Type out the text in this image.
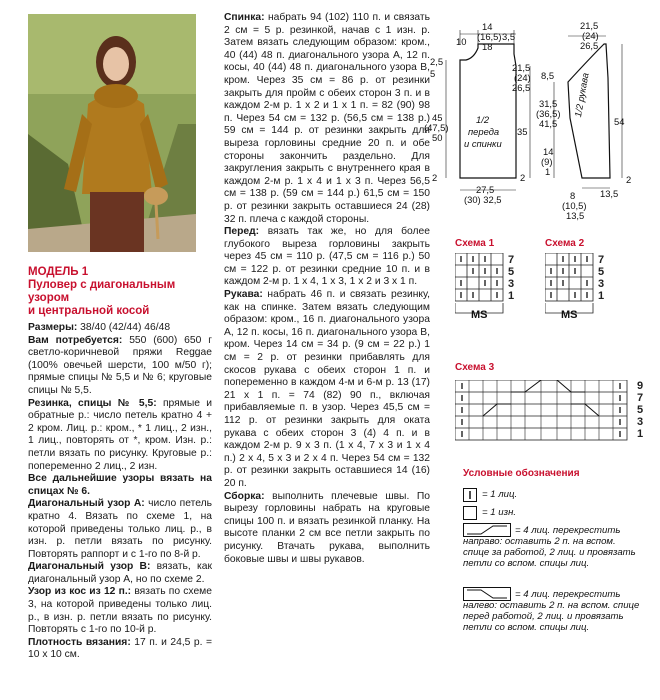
МОДЕЛЬ 1
Пуловер с диагональным узором
и центральной косой

Размеры: 38/40 (42/44) 46/48

Вам потребуется: 550 (600) 650 г светло-коричневой пряжи Reggae (100% овечьей шерсти, 100 м/50 г); прямые спицы № 5,5 и № 6; круговые спицы № 5,5.

Резинка, спицы № 5,5: прямые и обратные р.: число петель кратно 4 + 2 кром. Лиц. р.: кром., * 1 лиц., 2 изн., 1 лиц., повторять от *, кром. Изн. р.: петли вязать по рисунку. Круговые р.: попеременно 2 лиц., 2 изн.

Все дальнейшие узоры вязать на спицах № 6.

Диагональный узор A: число петель кратно 4. Вязать по схеме 1, на которой приведены только лиц. р., в изн. р. петли вязать по рисунку. Повторять раппорт и с 1-го по 8-й р.

Диагональный узор B: вязать, как диагональный узор A, но по схеме 2.

Узор из кос из 12 п.: вязать по схеме 3, на которой приведены только лиц. р., в изн. р. петли вязать по рисунку. Повторять с 1-го по 10-й р.

Плотность вязания: 17 п. и 24,5 р. = 10 х 10 см.

Спинка: набрать 94 (102) 110 п. и связать 2 см = 5 р. резинкой, начав с 1 изн. р. Затем вязать следующим образом: кром., 40 (44) 48 п. диагонального узора A, 12 п. косы, 40 (44) 48 п. диагонального узора B, кром. Через 35 см = 86 р. от резинки закрыть для пройм с обеих сторон 3 п. и в каждом 2-м р. 1 х 2 и 1 х 1 п. = 82 (90) 98 п. Через 54 см = 132 р. (56,5 см = 138 р.) 59 см = 144 р. от резинки закрыть для выреза горловины средние 20 п. и обе стороны закончить раздельно. Для закругления закрыть с внутреннего края в каждом 2-м р. 1 х 4 и 1 х 3 п. Через 56,5 см = 138 р. (59 см = 144 р.) 61,5 см = 150 р. от резинки закрыть оставшиеся 24 (28) 32 п. плеча с каждой стороны.

Перед: вязать так же, но для более глубокого выреза горловины закрыть через 45 см = 110 р. (47,5 см = 116 р.) 50 см = 122 р. от резинки средние 10 п. и в каждом 2-м р. 1 х 4, 1 х 3, 1 х 2 и 3 х 1 п.

Рукава: набрать 46 п. и связать резинку, как на спинке. Затем вязать следующим образом: кром., 16 п. диагонального узора A, 12 п. косы, 16 п. диагонального узора B, кром. Через 14 см = 34 р. (9 см = 22 р.) 1 см = 2 р. от резинки прибавлять для скосов рукава с обеих сторон 1 п. и попеременно в каждом 4-м и 6-м р. 13 (17) 21 х 1 п. = 74 (82) 90 п., включая прибавляемые п. в узор. Через 45,5 см = 112 р. от резинки закрыть для оката рукава с обеих сторон 3 (4) 4 п. и в каждом 2-м р. 9 х 3 п. (1 х 4, 7 х 3 и 1 х 4 п.) 2 х 4, 5 х 3 и 2 х 4 п. Через 54 см = 132 р. от резинки закрыть оставшиеся 14 (16) 20 п.

Сборка: выполнить плечевые швы. По вырезу горловины набрать на круговые спицы 100 п. и вязать резинкой планку. На высоте планки 2 см все петли закрыть по рисунку. Втачать рукава, выполнить боковые швы и швы рукавов.

10
14
(16,5)
18
3,5
2,5
5
21,5
(24)
26,5
45
(47,5)
50
35
1/2
переда
и спинки
27,5
(30) 32,5
2	2
21,5
(24)
26,5
8,5
31,5
(36,5)
41,5	54
14
(9)
1
1/2 рукава
8
(10,5)
13,5
13,5
2
Схема 1	Схема 2
MS
7
5
3
1
MS
7
5
3
1
Схема 3
9
7
5
3
1
Условные обозначения
= 1 лиц.
= 1 изн.
= 4 лиц. перекрестить направо: оставить 2 п. на вспом. спице за работой, 2 лиц. и провязать петли со вспом. спицы лиц.
= 4 лиц. перекрестить налево: оставить 2 п. на вспом. спице перед работой, 2 лиц. и провязать петли со вспом. спицы лиц.
